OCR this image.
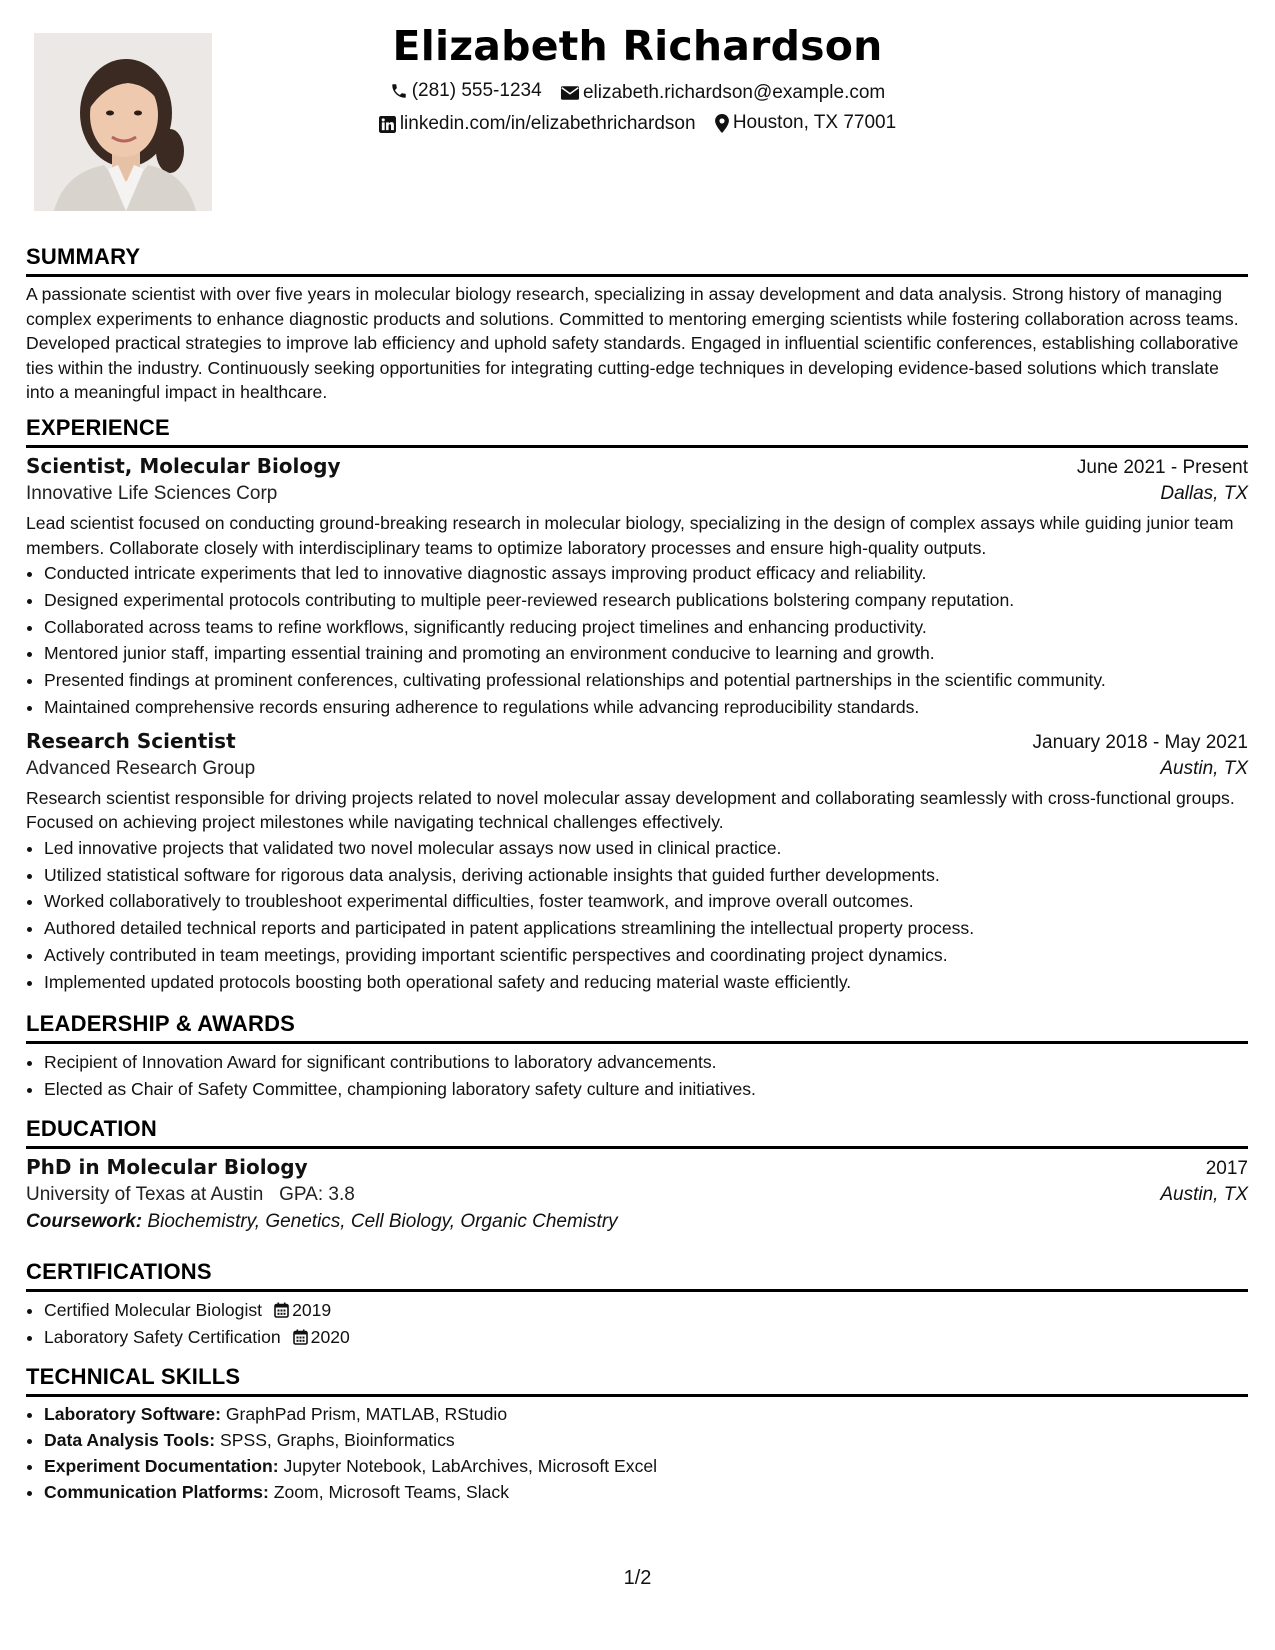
Elizabeth Richardson
(281) 555-1234
elizabeth.richardson@example.com
linkedin.com/in/elizabethrichardson
Houston, TX 77001
SUMMARY

A passionate scientist with over five years in molecular biology research, specializing in assay development and data analysis. Strong history of managing complex experiments to enhance diagnostic products and solutions. Committed to mentoring emerging scientists while fostering collaboration across teams. Developed practical strategies to improve lab efficiency and uphold safety standards. Engaged in influential scientific conferences, establishing collaborative ties within the industry. Continuously seeking opportunities for integrating cutting-edge techniques in developing evidence-based solutions which translate into a meaningful impact in healthcare.

EXPERIENCE
Scientist, Molecular Biology	June 2021 - Present
Innovative Life Sciences Corp	Dallas, TX

Lead scientist focused on conducting ground-breaking research in molecular biology, specializing in the design of complex assays while guiding junior team members. Collaborate closely with interdisciplinary teams to optimize laboratory processes and ensure high-quality outputs.

• Conducted intricate experiments that led to innovative diagnostic assays improving product efficacy and reliability.
• Designed experimental protocols contributing to multiple peer-reviewed research publications bolstering company reputation.
• Collaborated across teams to refine workflows, significantly reducing project timelines and enhancing productivity.
• Mentored junior staff, imparting essential training and promoting an environment conducive to learning and growth.
• Presented findings at prominent conferences, cultivating professional relationships and potential partnerships in the scientific community.
• Maintained comprehensive records ensuring adherence to regulations while advancing reproducibility standards.
Research Scientist	January 2018 - May 2021
Advanced Research Group	Austin, TX

Research scientist responsible for driving projects related to novel molecular assay development and collaborating seamlessly with cross-functional groups. Focused on achieving project milestones while navigating technical challenges effectively.

• Led innovative projects that validated two novel molecular assays now used in clinical practice.
• Utilized statistical software for rigorous data analysis, deriving actionable insights that guided further developments.
• Worked collaboratively to troubleshoot experimental difficulties, foster teamwork, and improve overall outcomes.
• Authored detailed technical reports and participated in patent applications streamlining the intellectual property process.
• Actively contributed in team meetings, providing important scientific perspectives and coordinating project dynamics.
• Implemented updated protocols boosting both operational safety and reducing material waste efficiently.
LEADERSHIP & AWARDS
• Recipient of Innovation Award for significant contributions to laboratory advancements.
• Elected as Chair of Safety Committee, championing laboratory safety culture and initiatives.
EDUCATION
PhD in Molecular Biology	2017
University of Texas at Austin GPA: 3.8	Austin, TX
Coursework: Biochemistry, Genetics, Cell Biology, Organic Chemistry
CERTIFICATIONS
• Certified Molecular Biologist 2019
• Laboratory Safety Certification 2020
TECHNICAL SKILLS
• Laboratory Software: GraphPad Prism, MATLAB, RStudio
• Data Analysis Tools: SPSS, Graphs, Bioinformatics
• Experiment Documentation: Jupyter Notebook, LabArchives, Microsoft Excel
• Communication Platforms: Zoom, Microsoft Teams, Slack
1/2
